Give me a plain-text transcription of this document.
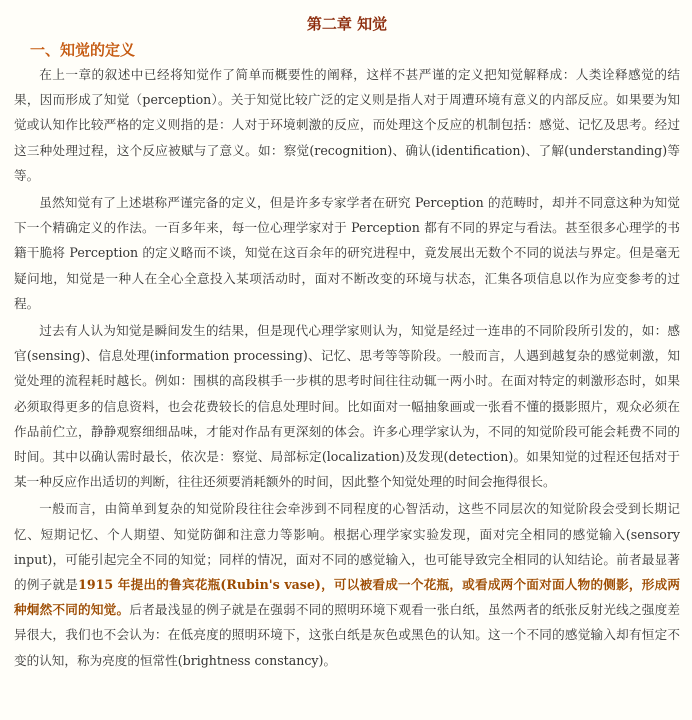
第二章 知觉
一、知觉的定义

在上一章的叙述中已经将知觉作了简单而概要性的阐释，这样不甚严谨的定义把知觉解释成：人类诠释感觉的结果，因而形成了知觉（perception）。关于知觉比较广泛的定义则是指人对于周遭环境有意义的内部反应。如果要为知觉或认知作比较严格的定义则指的是：人对于环境刺激的反应，而处理这个反应的机制包括：感觉、记忆及思考。经过这三种处理过程，这个反应被赋与了意义。如：察觉(recognition)、确认(identification)、了解(understanding)等等。

虽然知觉有了上述堪称严谨完备的定义，但是许多专家学者在研究 Perception 的范畴时，却并不同意这种为知觉下一个精确定义的作法。一百多年来，每一位心理学家对于 Perception 都有不同的界定与看法。甚至很多心理学的书籍干脆将 Perception 的定义略而不谈，知觉在这百余年的研究进程中，竟发展出无数个不同的说法与界定。但是毫无疑问地，知觉是一种人在全心全意投入某项活动时，面对不断改变的环境与状态，汇集各项信息以作为应变参考的过程。

过去有人认为知觉是瞬间发生的结果，但是现代心理学家则认为，知觉是经过一连串的不同阶段所引发的，如：感官(sensing)、信息处理(information processing)、记忆、思考等等阶段。一般而言，人遇到越复杂的感觉刺激，知觉处理的流程耗时越长。例如：围棋的高段棋手一步棋的思考时间往往动辄一两小时。在面对特定的刺激形态时，如果必须取得更多的信息资料，也会花费较长的信息处理时间。比如面对一幅抽象画或一张看不懂的摄影照片，观众必须在作品前伫立，静静观察细细品味，才能对作品有更深刻的体会。许多心理学家认为，不同的知觉阶段可能会耗费不同的时间。其中以确认需时最长，依次是：察觉、局部标定(localization)及发现(detection)。如果知觉的过程还包括对于某一种反应作出适切的判断，往往还须要消耗额外的时间，因此整个知觉处理的时间会拖得很长。

一般而言，由简单到复杂的知觉阶段往往会牵涉到不同程度的心智活动，这些不同层次的知觉阶段会受到长期记忆、短期记忆、个人期望、知觉防御和注意力等影响。根据心理学家实验发现，面对完全相同的感觉输入(sensory input)，可能引起完全不同的知觉；同样的情况，面对不同的感觉输入，也可能导致完全相同的认知结论。前者最显著的例子就是1915 年提出的鲁宾花瓶(Rubin's vase)，可以被看成一个花瓶，或看成两个面对面人物的侧影，形成两种炯然不同的知觉。后者最浅显的例子就是在强弱不同的照明环境下观看一张白纸，虽然两者的纸张反射光线之强度差异很大，我们也不会认为：在低亮度的照明环境下，这张白纸是灰色或黑色的认知。这一个不同的感觉输入却有恒定不变的认知，称为亮度的恒常性(brightness constancy)。
